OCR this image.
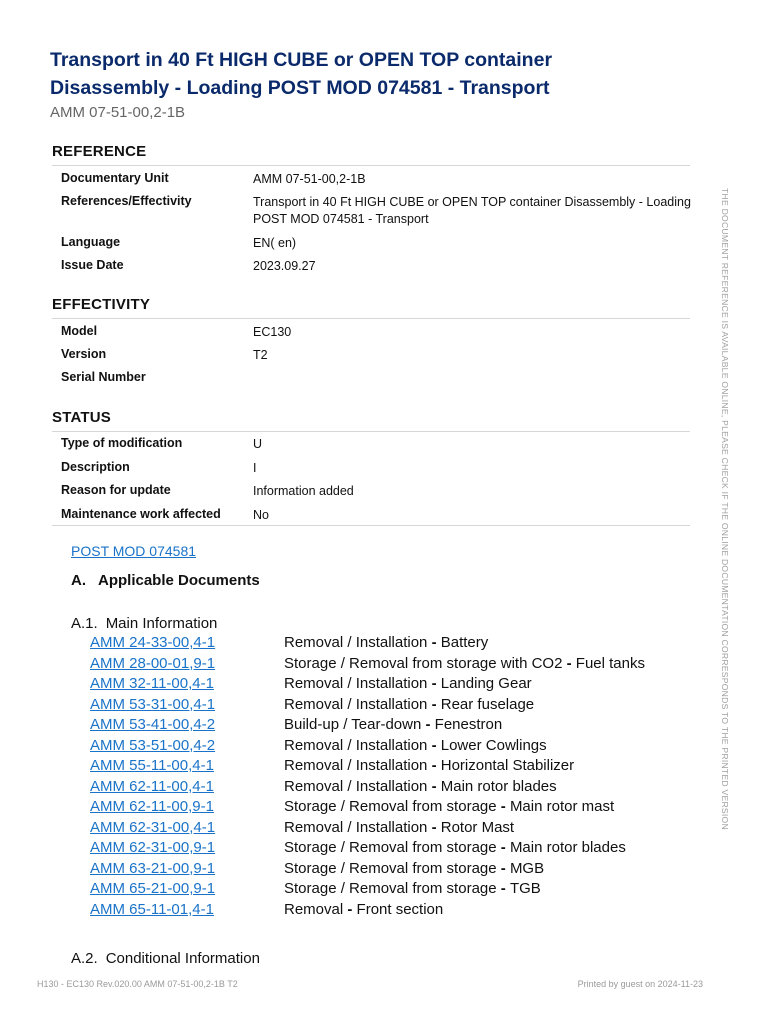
Transport in 40 Ft HIGH CUBE or OPEN TOP container
Disassembly - Loading POST MOD 074581 - Transport
AMM 07-51-00,2-1B
REFERENCE
Documentary Unit	AMM 07-51-00,2-1B
References/Effectivity	Transport in 40 Ft HIGH CUBE or OPEN TOP container Disassembly - Loading POST MOD 074581 - Transport
Language	EN( en)
Issue Date	2023.09.27
EFFECTIVITY
Model	EC130
Version	T2
Serial Number
STATUS
Type of modification	U
Description	I
Reason for update	Information added
Maintenance work affected	No
POST MOD 074581
A. Applicable Documents
A.1. Main Information
AMM 24-33-00,4-1	Removal / Installation - Battery
AMM 28-00-01,9-1	Storage / Removal from storage with CO2 - Fuel tanks
AMM 32-11-00,4-1	Removal / Installation - Landing Gear
AMM 53-31-00,4-1	Removal / Installation - Rear fuselage
AMM 53-41-00,4-2	Build-up / Tear-down - Fenestron
AMM 53-51-00,4-2	Removal / Installation - Lower Cowlings
AMM 55-11-00,4-1	Removal / Installation - Horizontal Stabilizer
AMM 62-11-00,4-1	Removal / Installation - Main rotor blades
AMM 62-11-00,9-1	Storage / Removal from storage - Main rotor mast
AMM 62-31-00,4-1	Removal / Installation - Rotor Mast
AMM 62-31-00,9-1	Storage / Removal from storage - Main rotor blades
AMM 63-21-00,9-1	Storage / Removal from storage - MGB
AMM 65-21-00,9-1	Storage / Removal from storage - TGB
AMM 65-11-01,4-1	Removal - Front section
A.2. Conditional Information
THE DOCUMENT REFERENCE IS AVAILABLE ONLINE, PLEASE CHECK IF THE ONLINE DOCUMENTATION CORRESPONDS TO THE PRINTED VERSION
H130 - EC130 Rev.020.00 AMM 07-51-00,2-1B T2	Printed by guest on 2024-11-23
